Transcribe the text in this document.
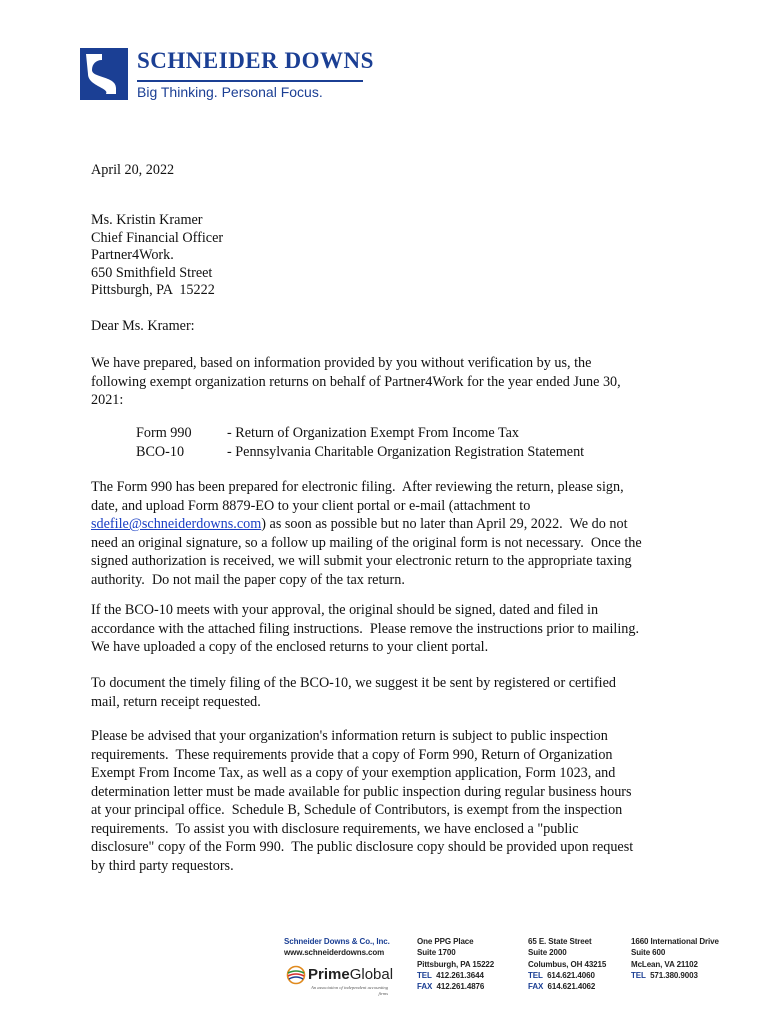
SCHNEIDER DOWNS
Big Thinking. Personal Focus.
April 20, 2022
Ms. Kristin Kramer
Chief Financial Officer
Partner4Work.
650 Smithfield Street
Pittsburgh, PA  15222
Dear Ms. Kramer:
We have prepared, based on information provided by you without verification by us, the
following exempt organization returns on behalf of Partner4Work for the year ended June 30,
2021:
Form 990	- Return of Organization Exempt From Income Tax
BCO-10	- Pennsylvania Charitable Organization Registration Statement
The Form 990 has been prepared for electronic filing.  After reviewing the return, please sign,
date, and upload Form 8879-EO to your client portal or e-mail (attachment to
sdefile@schneiderdowns.com) as soon as possible but no later than April 29, 2022.  We do not
need an original signature, so a follow up mailing of the original form is not necessary.  Once the
signed authorization is received, we will submit your electronic return to the appropriate taxing
authority.  Do not mail the paper copy of the tax return.
If the BCO-10 meets with your approval, the original should be signed, dated and filed in
accordance with the attached filing instructions.  Please remove the instructions prior to mailing.
We have uploaded a copy of the enclosed returns to your client portal.
To document the timely filing of the BCO-10, we suggest it be sent by registered or certified
mail, return receipt requested.
Please be advised that your organization's information return is subject to public inspection
requirements.  These requirements provide that a copy of Form 990, Return of Organization
Exempt From Income Tax, as well as a copy of your exemption application, Form 1023, and
determination letter must be made available for public inspection during regular business hours
at your principal office.  Schedule B, Schedule of Contributors, is exempt from the inspection
requirements.  To assist you with disclosure requirements, we have enclosed a "public
disclosure" copy of the Form 990.  The public disclosure copy should be provided upon request
by third party requestors.
Schneider Downs & Co., Inc.
www.schneiderdowns.com
PrimeGlobal
An association of independent accounting firms
One PPG Place
Suite 1700
Pittsburgh, PA 15222
TEL 412.261.3644
FAX 412.261.4876
65 E. State Street
Suite 2000
Columbus, OH 43215
TEL 614.621.4060
FAX 614.621.4062
1660 International Drive
Suite 600
McLean, VA 21102
TEL 571.380.9003
